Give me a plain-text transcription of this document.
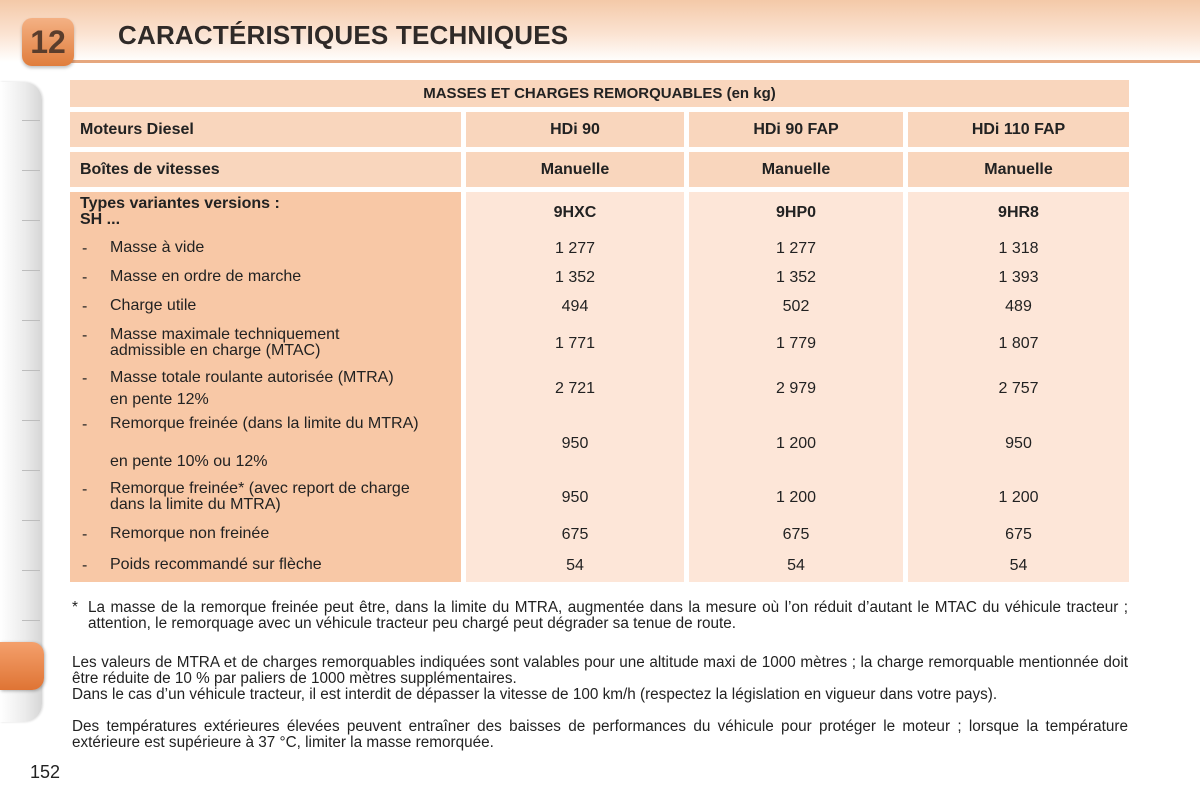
12	CARACTÉRISTIQUES TECHNIQUES
MASSES ET CHARGES REMORQUABLES (en kg)
Moteurs Diesel	HDi 90	HDi 90 FAP	HDi 110 FAP
Boîtes de vitesses	Manuelle	Manuelle	Manuelle
Types variantes versions :
SH ...	9HXC	9HP0	9HR8
- Masse à vide	1 277	1 277	1 318
- Masse en ordre de marche	1 352	1 352	1 393
- Charge utile	494	502	489
- Masse maximale techniquement admissible en charge (MTAC)	1 771	1 779	1 807
- Masse totale roulante autorisée (MTRA)
en pente 12%
2 721	2 979	2 757
- Remorque freinée (dans la limite du MTRA)
en pente 10% ou 12%
950	1 200	950
- Remorque freinée* (avec report de charge dans la limite du MTRA)	950	1 200	1 200
- Remorque non freinée	675	675	675
- Poids recommandé sur flèche	54	54	54
* La masse de la remorque freinée peut être, dans la limite du MTRA, augmentée dans la mesure où l’on réduit d’autant le MTAC du véhicule tracteur ; attention, le remorquage avec un véhicule tracteur peu chargé peut dégrader sa tenue de route.
Les valeurs de MTRA et de charges remorquables indiquées sont valables pour une altitude maxi de 1000 mètres ; la charge remorquable mentionnée doit être réduite de 10 % par paliers de 1000 mètres supplémentaires.
Dans le cas d’un véhicule tracteur, il est interdit de dépasser la vitesse de 100 km/h (respectez la législation en vigueur dans votre pays).
Des températures extérieures élevées peuvent entraîner des baisses de performances du véhicule pour protéger le moteur ; lorsque la température extérieure est supérieure à 37 °C, limiter la masse remorquée.
152
